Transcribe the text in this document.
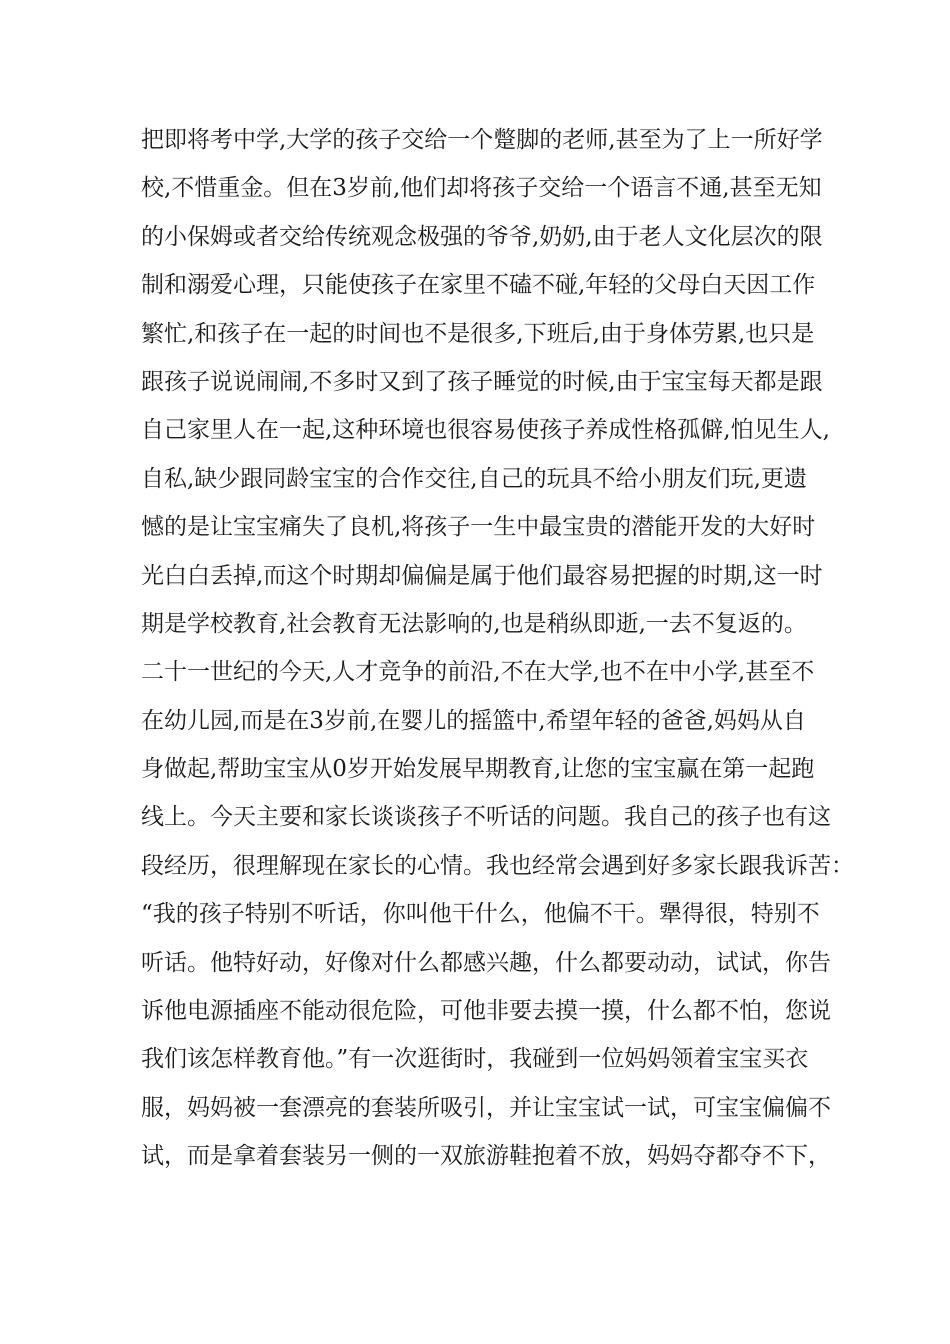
把即将考中学,大学的孩子交给一个蹩脚的老师,甚至为了上一所好学
校,不惜重金。但在3岁前,他们却将孩子交给一个语言不通,甚至无知
的小保姆或者交给传统观念极强的爷爷,奶奶,由于老人文化层次的限
制和溺爱心理，只能使孩子在家里不磕不碰,年轻的父母白天因工作
繁忙,和孩子在一起的时间也不是很多,下班后,由于身体劳累,也只是
跟孩子说说闹闹,不多时又到了孩子睡觉的时候,由于宝宝每天都是跟
自己家里人在一起,这种环境也很容易使孩子养成性格孤僻,怕见生人,
自私,缺少跟同龄宝宝的合作交往,自己的玩具不给小朋友们玩,更遗
憾的是让宝宝痛失了良机,将孩子一生中最宝贵的潜能开发的大好时
光白白丢掉,而这个时期却偏偏是属于他们最容易把握的时期,这一时
期是学校教育,社会教育无法影响的,也是稍纵即逝,一去不复返的。
二十一世纪的今天,人才竞争的前沿,不在大学,也不在中小学,甚至不
在幼儿园,而是在3岁前,在婴儿的摇篮中,希望年轻的爸爸,妈妈从自
身做起,帮助宝宝从0岁开始发展早期教育,让您的宝宝赢在第一起跑
线上。今天主要和家长谈谈孩子不听话的问题。我自己的孩子也有这
段经历，很理解现在家长的心情。我也经常会遇到好多家长跟我诉苦：
“我的孩子特别不听话，你叫他干什么，他偏不干。犟得很，特别不
听话。他特好动，好像对什么都感兴趣，什么都要动动，试试，你告
诉他电源插座不能动很危险，可他非要去摸一摸，什么都不怕，您说
我们该怎样教育他。”有一次逛街时，我碰到一位妈妈领着宝宝买衣
服，妈妈被一套漂亮的套装所吸引，并让宝宝试一试，可宝宝偏偏不
试，而是拿着套装另一侧的一双旅游鞋抱着不放，妈妈夺都夺不下，
